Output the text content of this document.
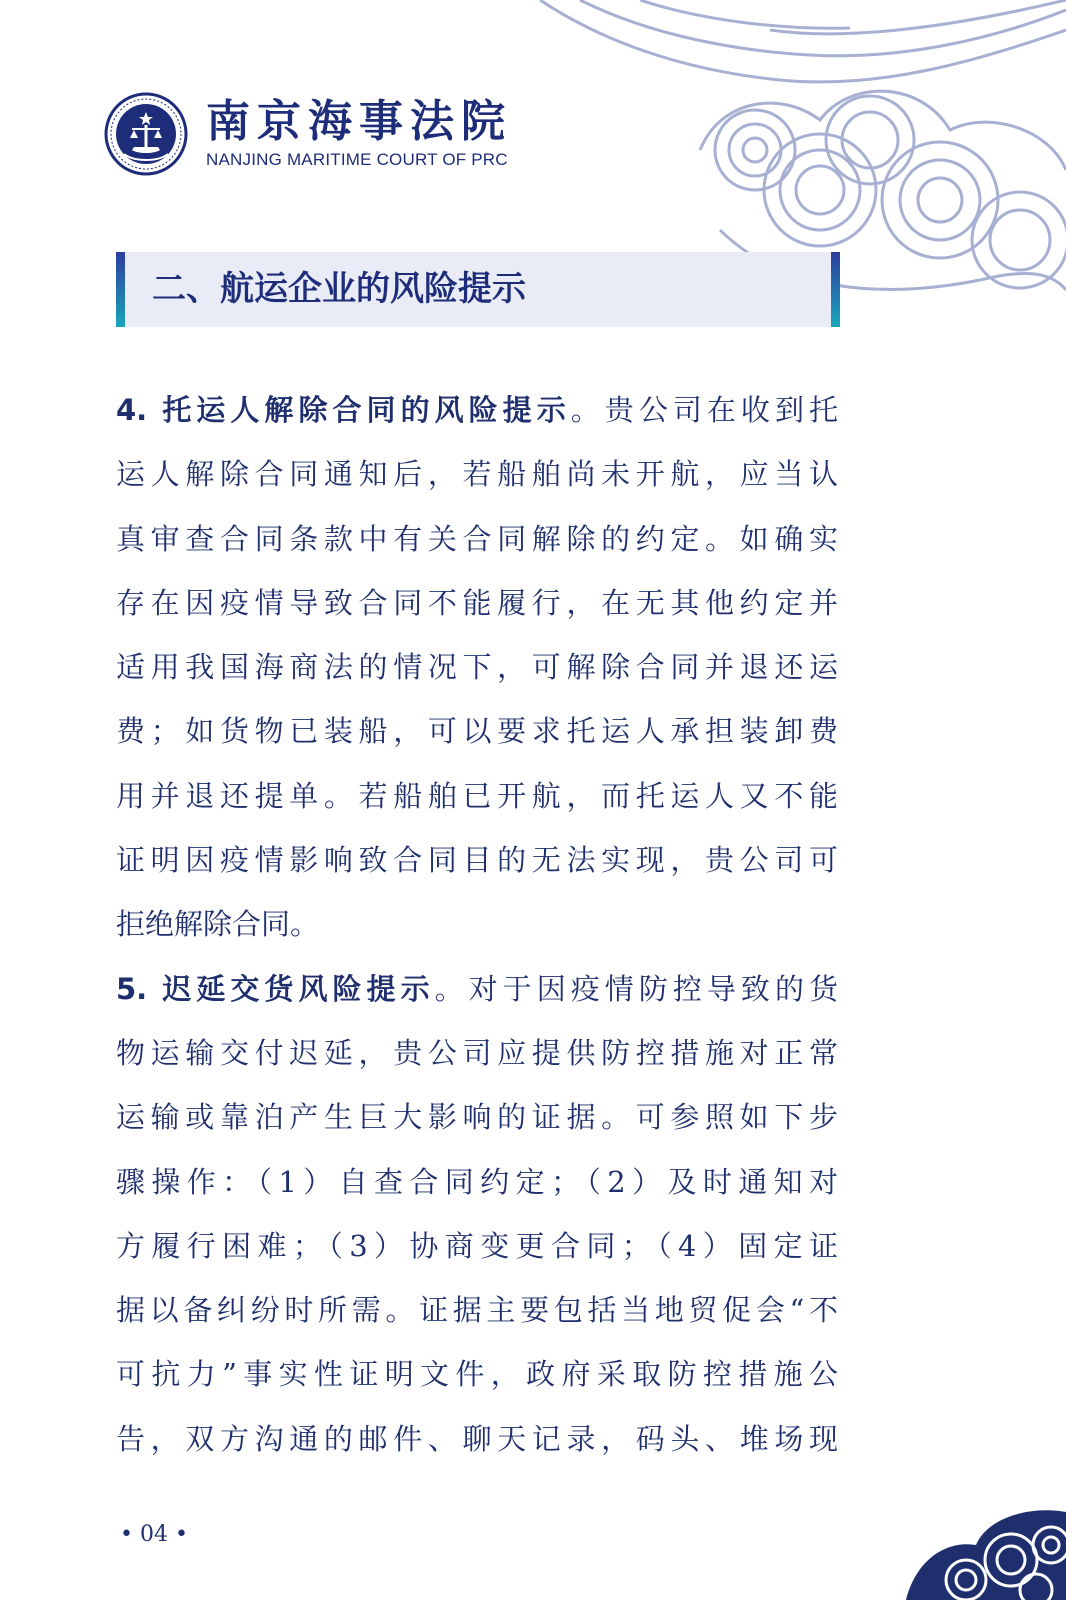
南京海事法院
NANJING MARITIME COURT OF PRC
二、航运企业的风险提示
4. 托运人解除合同的风险提示。贵公司在收到托
运人解除合同通知后，若船舶尚未开航，应当认
真审查合同条款中有关合同解除的约定。如确实
存在因疫情导致合同不能履行，在无其他约定并
适用我国海商法的情况下，可解除合同并退还运
费；如货物已装船，可以要求托运人承担装卸费
用并退还提单。若船舶已开航，而托运人又不能
证明因疫情影响致合同目的无法实现，贵公司可
拒绝解除合同。
5. 迟延交货风险提示。对于因疫情防控导致的货
物运输交付迟延，贵公司应提供防控措施对正常
运输或靠泊产生巨大影响的证据。可参照如下步
骤操作：（1）自查合同约定；（2）及时通知对
方履行困难；（3）协商变更合同；（4）固定证
据以备纠纷时所需。证据主要包括当地贸促会“不
可抗力”事实性证明文件，政府采取防控措施公
告，双方沟通的邮件、聊天记录，码头、堆场现
• 04 •
